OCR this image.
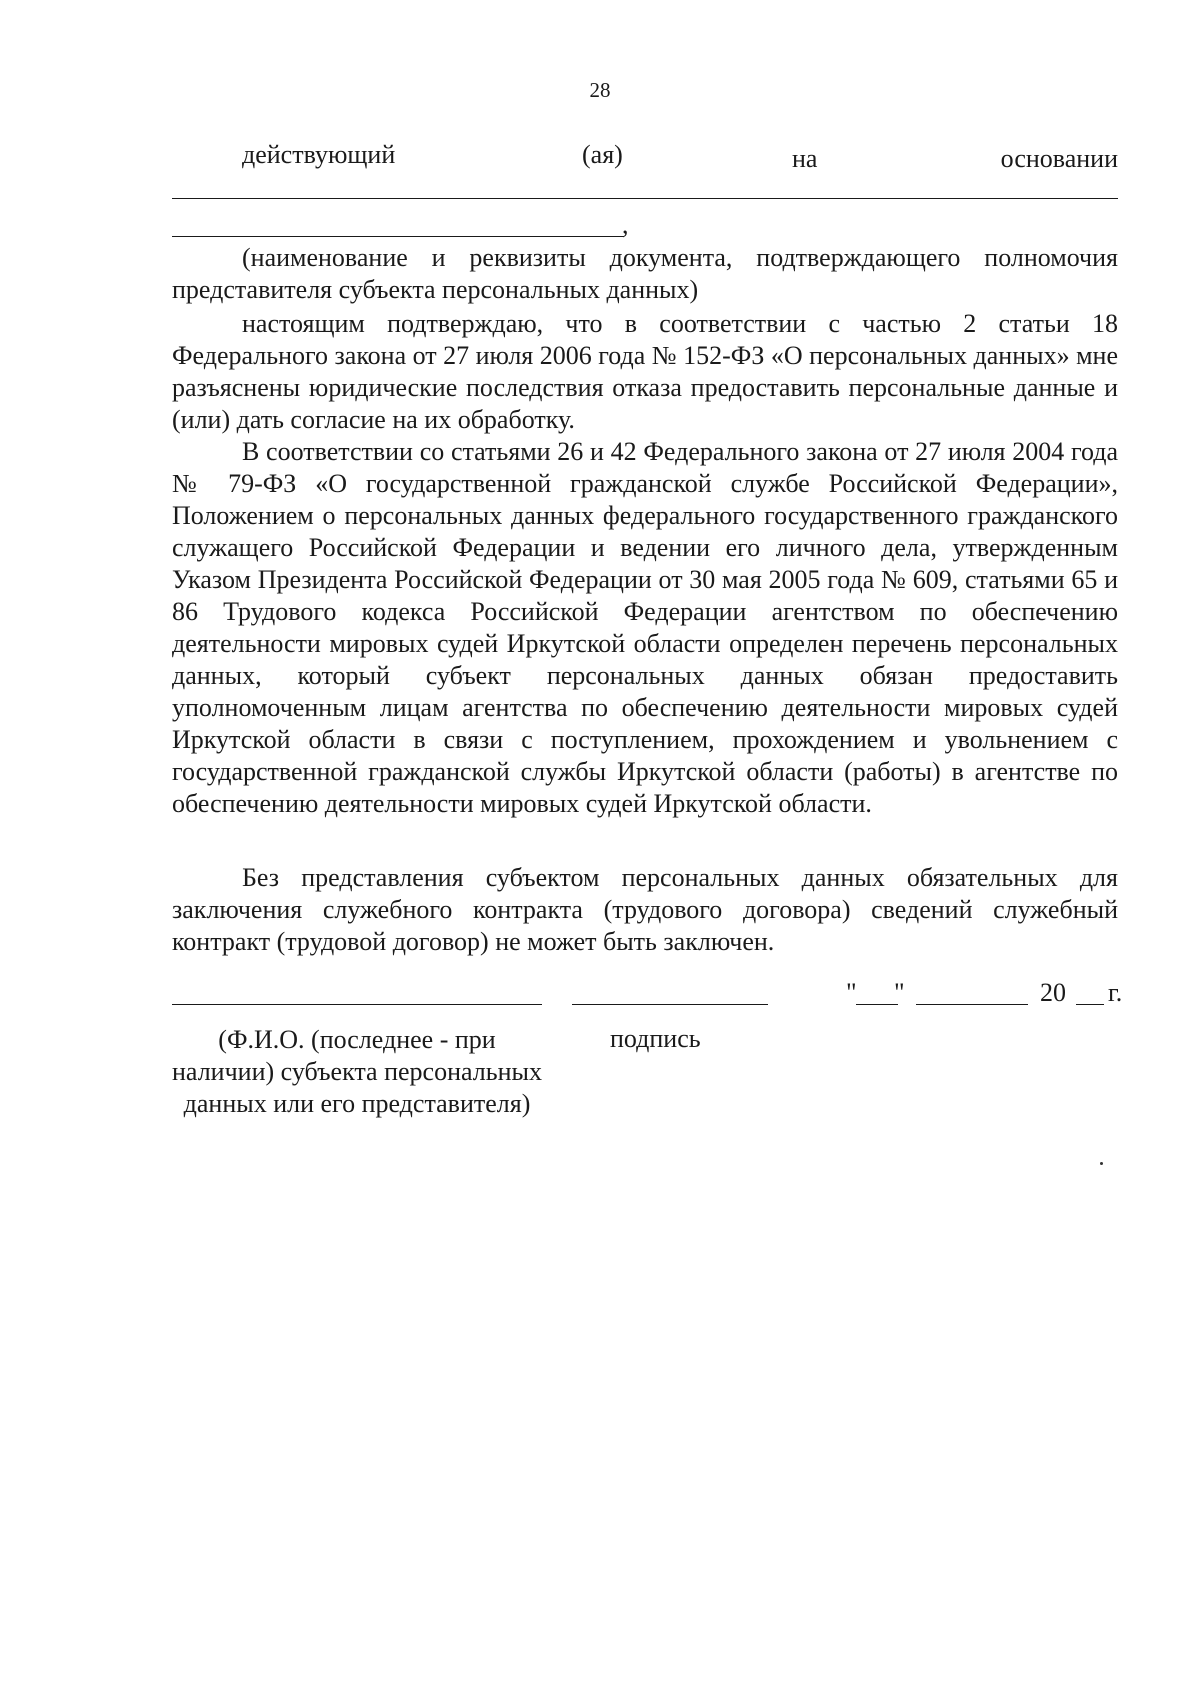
28
действующий	(ая)	на	основании
,
(наименование и реквизиты документа, подтверждающего полномочия представителя субъекта персональных данных)
настоящим подтверждаю, что в соответствии с частью 2 статьи 18 Федерального закона от 27 июля 2006 года № 152-ФЗ «О персональных данных» мне разъяснены юридические последствия отказа предоставить персональные данные и (или) дать согласие на их обработку.
В соответствии со статьями 26 и 42 Федерального закона от 27 июля 2004 года № 79-ФЗ «О государственной гражданской службе Российской Федерации», Положением о персональных данных федерального государственного гражданского служащего Российской Федерации и ведении его личного дела, утвержденным Указом Президента Российской Федерации от 30 мая 2005 года № 609, статьями 65 и 86 Трудового кодекса Российской Федерации агентством по обеспечению деятельности мировых судей Иркутской области определен перечень персональных данных, который субъект персональных данных обязан предоставить уполномоченным лицам агентства по обеспечению деятельности мировых судей Иркутской области в связи с поступлением, прохождением и увольнением с государственной гражданской службы Иркутской области (работы) в агентстве по обеспечению деятельности мировых судей Иркутской области.
Без представления субъектом персональных данных обязательных для заключения служебного контракта (трудового договора) сведений служебный контракт (трудовой договор) не может быть заключен.
" "	20 г.
(Ф.И.О. (последнее - при наличии) субъекта персональных данных или его представителя)
подпись
